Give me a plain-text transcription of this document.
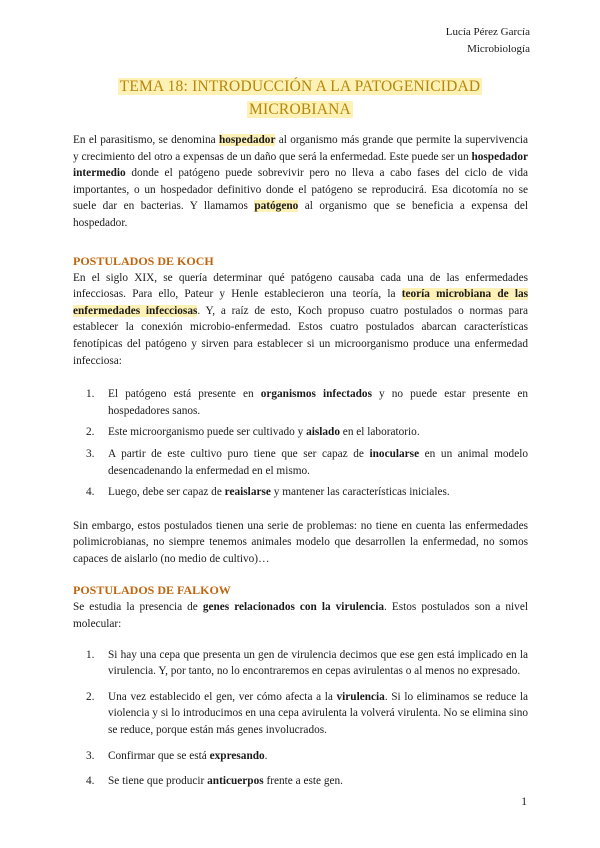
Lucía Pérez García
Microbiología
TEMA 18: INTRODUCCIÓN A LA PATOGENICIDAD
MICROBIANA

En el parasitismo, se denomina hospedador al organismo más grande que permite la supervivencia y crecimiento del otro a expensas de un daño que será la enfermedad. Este puede ser un hospedador intermedio donde el patógeno puede sobrevivir pero no lleva a cabo fases del ciclo de vida importantes, o un hospedador definitivo donde el patógeno se reproducirá. Esa dicotomía no se suele dar en bacterias. Y llamamos patógeno al organismo que se beneficia a expensa del hospedador.

POSTULADOS DE KOCH

En el siglo XIX, se quería determinar qué patógeno causaba cada una de las enfermedades infecciosas. Para ello, Pateur y Henle establecieron una teoría, la teoría microbiana de las enfermedades infecciosas. Y, a raíz de esto, Koch propuso cuatro postulados o normas para establecer la conexión microbio-enfermedad. Estos cuatro postulados abarcan características fenotípicas del patógeno y sirven para establecer si un microorganismo produce una enfermedad infecciosa:

1. El patógeno está presente en organismos infectados y no puede estar presente en hospedadores sanos.
2. Este microorganismo puede ser cultivado y aislado en el laboratorio.
3. A partir de este cultivo puro tiene que ser capaz de inocularse en un animal modelo desencadenando la enfermedad en el mismo.
4. Luego, debe ser capaz de reaislarse y mantener las características iniciales.

Sin embargo, estos postulados tienen una serie de problemas: no tiene en cuenta las enfermedades polimicrobianas, no siempre tenemos animales modelo que desarrollen la enfermedad, no somos capaces de aislarlo (no medio de cultivo)…

POSTULADOS DE FALKOW

Se estudia la presencia de genes relacionados con la virulencia. Estos postulados son a nivel molecular:

1. Si hay una cepa que presenta un gen de virulencia decimos que ese gen está implicado en la virulencia. Y, por tanto, no lo encontraremos en cepas avirulentas o al menos no expresado.
2. Una vez establecido el gen, ver cómo afecta a la virulencia. Si lo eliminamos se reduce la violencia y si lo introducimos en una cepa avirulenta la volverá virulenta. No se elimina sino se reduce, porque están más genes involucrados.
3. Confirmar que se está expresando.
4. Se tiene que producir anticuerpos frente a este gen.
1
